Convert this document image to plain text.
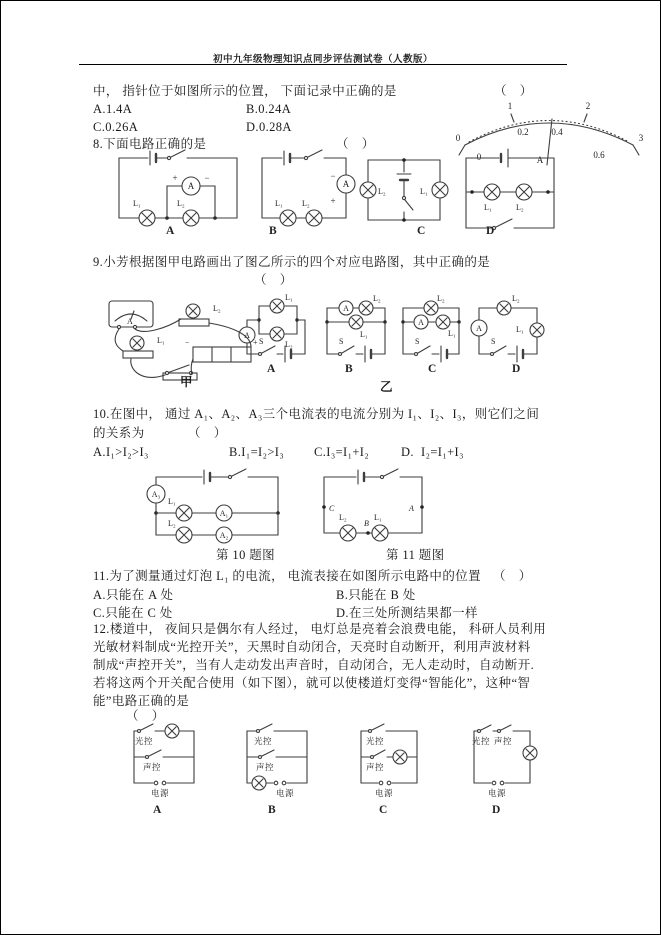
初中九年级物理知识点同步评估测试卷（人教版）
中， 指针位于如图所示的位置， 下面记录中正确的是	（　）
A.1.4A	B.0.24A
C.0.26A	D.0.28A
0
1	2
3
0
0.2	0.4
0.6
A
8.下面电路正确的是	（　）
A
+	−
L₁	L₂
A
−
+
L₁ L₂
L₂	L₁
L₁	L₂
A	B	C	D
9.小芳根据图甲电路画出了图乙所示的四个对应电路图，其中正确的是
（　）
A
L₂
L₁	−	+
A
L₁
L₂
S
A
L₂
L₁
S
A
L₂
L₁
S
A
L₂
L₁
S
A	B	C	D
甲	乙
10.在图中， 通过 A₁、A₂、A₃三个电流表的电流分别为 I₁、I₂、I₃，则它们之间
的关系为	（　）
A.I₁>I₂>I₃	B.I₁=I₂>I₃ C.I₃=I₁+I₂	D.  I₂=I₁+I₃
A₃
A₁
A₂
L₁
L₂
C	A
B
L₂	L₁
第 10 题图	第 11 题图
11.为了测量通过灯泡 L₁ 的电流， 电流表接在如图所示电路中的位置 （　）
A.只能在 A 处	B.只能在 B 处
C.只能在 C 处	D.在三处所测结果都一样
12.楼道中， 夜间只是偶尔有人经过， 电灯总是亮着会浪费电能， 科研人员利用
光敏材料制成“光控开关”，天黑时自动闭合，天亮时自动断开，利用声波材料
制成“声控开关”，当有人走动发出声音时，自动闭合，无人走动时，自动断开.
若将这两个开关配合使用（如下图），就可以使楼道灯变得“智能化”，这种“智
能”电路正确的是
（　）
光控
声控
电源
光控
声控
电源
光控
声控
电源
光控 声控
电源
A	B	C	D
